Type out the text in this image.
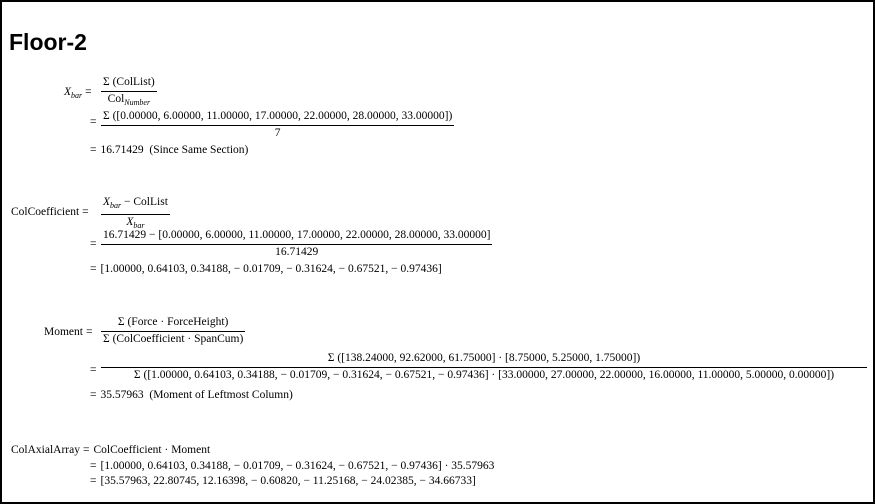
Floor-2
$X_{bar}$ =
Σ (ColList)
Col$_{Number}$
= Σ ([0.00000, 6.00000, 11.00000, 17.00000, 22.00000, 28.00000, 33.00000])
7
= 16.71429 (Since Same Section)
ColCoefficient =
$X_{bar}$ − ColList
$X_{bar}$
=
16.71429 − [0.00000, 6.00000, 11.00000, 17.00000, 22.00000, 28.00000, 33.00000]
16.71429
= [1.00000, 0.64103, 0.34188, − 0.01709, − 0.31624, − 0.67521, − 0.97436]
Moment =
Σ (Force · ForceHeight)
Σ (ColCoefficient · SpanCum)
=
Σ ([138.24000, 92.62000, 61.75000] · [8.75000, 5.25000, 1.75000])
Σ ([1.00000, 0.64103, 0.34188, − 0.01709, − 0.31624, − 0.67521, − 0.97436] · [33.00000, 27.00000, 22.00000, 16.00000, 11.00000, 5.00000, 0.00000])
= 35.57963 (Moment of Leftmost Column)
ColAxialArray = ColCoefficient · Moment
= [1.00000, 0.64103, 0.34188, − 0.01709, − 0.31624, − 0.67521, − 0.97436] · 35.57963
= [35.57963, 22.80745, 12.16398, − 0.60820, − 11.25168, − 24.02385, − 34.66733]
